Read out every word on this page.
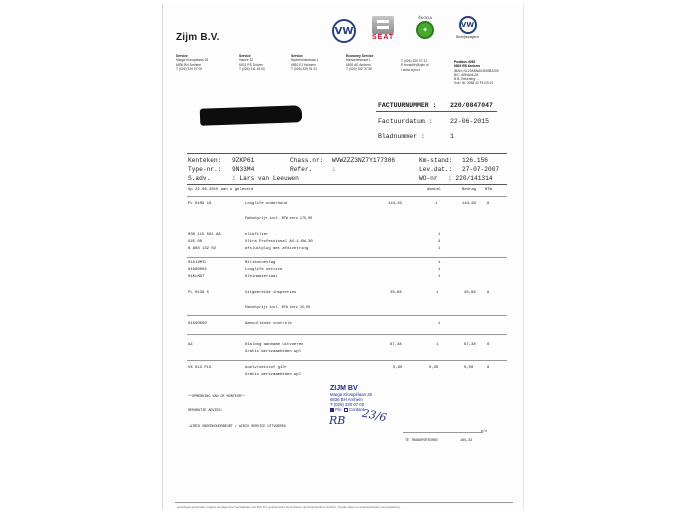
Zijm B.V.
Service
Marga Klompélaan 26
6836 BH Arnhem
T (026) 320 07 00
Service
Hanze 32
6921 RS Duiven
T (026) 311 48 00
Service
Nijverheidsstraat 1
6851 EJ Huissen
T (026) 325 91 31
Economy Service
Merwedestraat 1
6826 AE Arnhem
T (026) 352 37 50
T (026) 320 07 31
E receptie@zijm.nl
I www.zijm.nl
Postbus 4092
6803 EB Arnhem
IBAN: NL22ABNA0455982000
BIC: ABNANL2A
B.B. Rekening: ...
KvK: NL 0098 42 P10 B 01
VW
SEAT
ŠKODA
✦
VW
Bedrijfswagens
FACTUURNUMMER : 220/0847047
Factuurdatum :	22-06-2015
Bladnummer :	1
Kenteken: 9ZKP61	Chass.nr: WVWZZZ3NZ7Y177386	Km-stand: 126.156
Type-nr.: 9N33M4	Refer.	:	Lev.dat.: 27-07-2007
S.adv.	: Lars van Leeuwen	WO-nr : 220/141314
Op 22-06-2015 aan u geleverd	Aantal	Bedrag BTW
PL 0109 16	Longlife onderhoud	144,63	1	144,63	6
Pakketprijs incl. BTW euro 175,00
030 115 561 AA	oliefilter	1
G45 08	Ultra Professional AV-1-OW-30	4
N 908 132 02	afsluitplug met afdichtring	1
01012MIL	Milieutoeslag	1
01090004	Longlife service	1
01KLMAT	Kleinmateriaal	1
PL 0139 5	Uitgebreide inspecties	20,66	1	20,66	6
Pakketprijs incl. BTW euro 25,00
01590050	Aanvullende controle	1
AZ	Dialoog aanname uitvoeren	67,38	1	67,38	6
Gratis werkzaamheden wpl
VX 613 PLS	koelvloeistof g13+	5,80	0,30	0,00	6
Gratis werkzaamheden wpl
**OPMERKING VAN DE MONTEUR**
REPARATIE ADVIES:
-AIRCO ONDERHOUDSBEURT / AIRCO SERVICE UITVOEREN
ZIJM BV
Marga Klompélaan 26
6836 BH Arnhem
T (026) 320 07 00
Pin Contant
RB 23/6
e/v
TE TRANSPORTEREN	185,33
Leveringen geschieden volgens de Algemene Voorwaarden van Zijm B.V. gedeponeerd bij de Kamer van Koophandel te Arnhem. Op alle zaken en werkzaamheden van toepassing.
